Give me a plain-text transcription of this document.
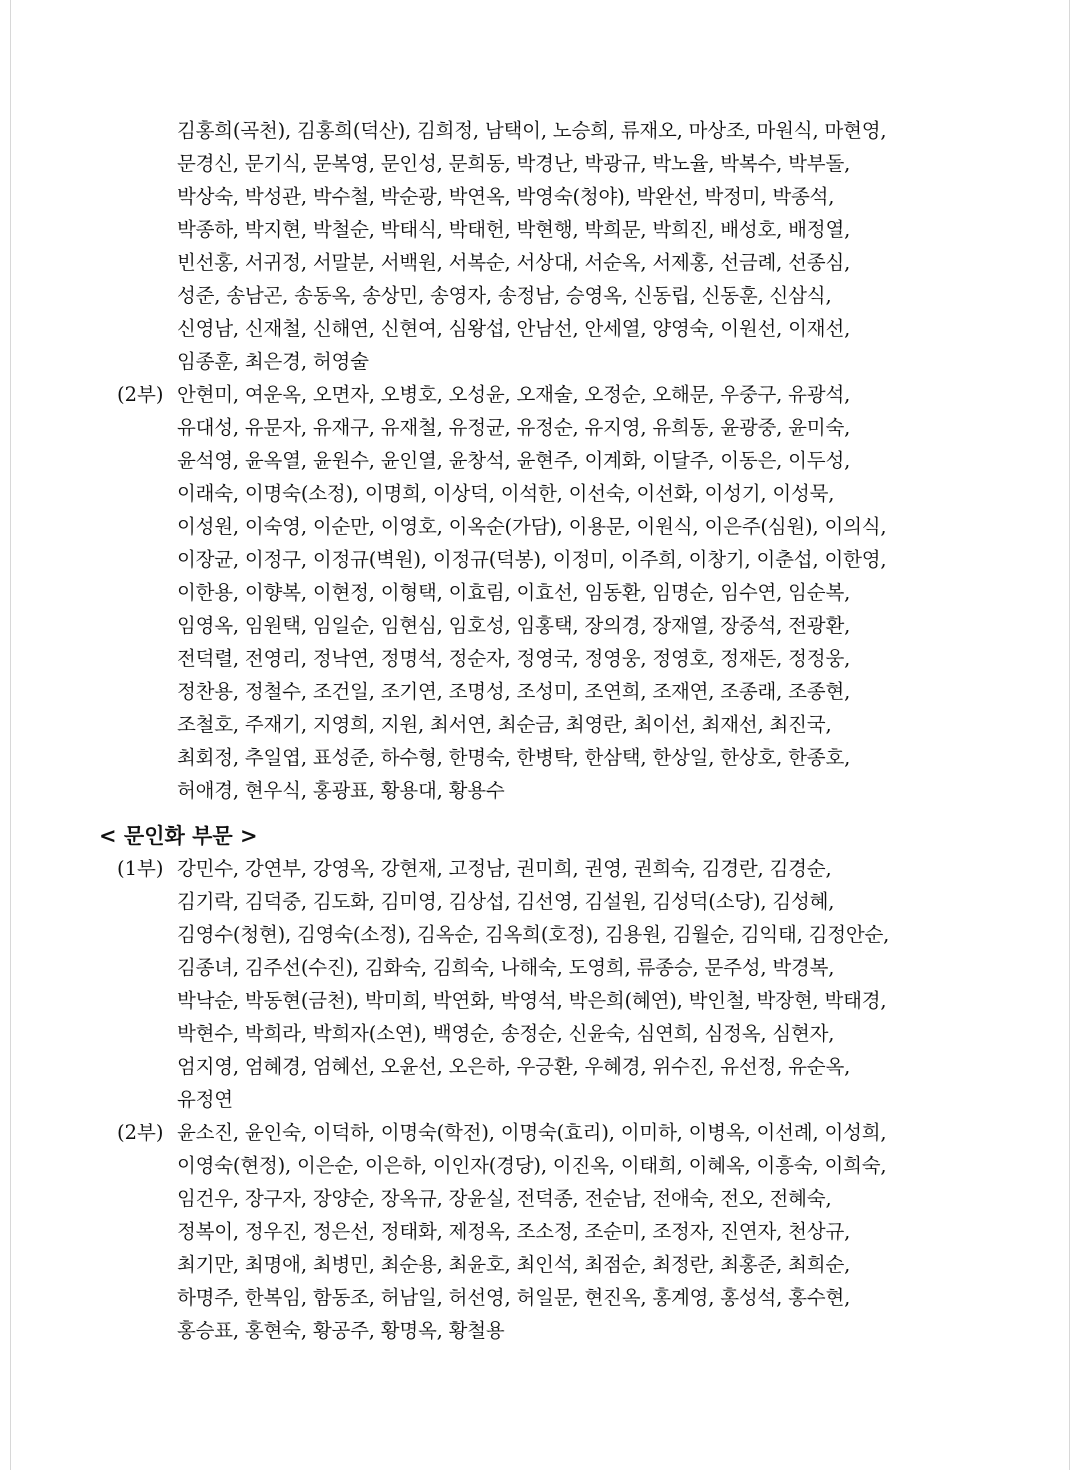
김홍희(곡천), 김홍희(덕산), 김희정, 남택이, 노승희, 류재오, 마상조, 마원식, 마현영,
문경신, 문기식, 문복영, 문인성, 문희동, 박경난, 박광규, 박노율, 박복수, 박부돌,
박상숙, 박성관, 박수철, 박순광, 박연옥, 박영숙(청야), 박완선, 박정미, 박종석,
박종하, 박지현, 박철순, 박태식, 박태헌, 박현행, 박희문, 박희진, 배성호, 배정열,
빈선홍, 서귀정, 서말분, 서백원, 서복순, 서상대, 서순옥, 서제홍, 선금례, 선종심,
성준, 송남곤, 송동옥, 송상민, 송영자, 송정남, 승영옥, 신동립, 신동훈, 신삼식,
신영남, 신재철, 신해연, 신현여, 심왕섭, 안남선, 안세열, 양영숙, 이원선, 이재선,
임종훈, 최은경, 허영술
(2부) 안현미, 여운옥, 오면자, 오병호, 오성윤, 오재술, 오정순, 오해문, 우중구, 유광석,
유대성, 유문자, 유재구, 유재철, 유정균, 유정순, 유지영, 유희동, 윤광중, 윤미숙,
윤석영, 윤옥열, 윤원수, 윤인열, 윤창석, 윤현주, 이계화, 이달주, 이동은, 이두성,
이래숙, 이명숙(소정), 이명희, 이상덕, 이석한, 이선숙, 이선화, 이성기, 이성묵,
이성원, 이숙영, 이순만, 이영호, 이옥순(가담), 이용문, 이원식, 이은주(심원), 이의식,
이장균, 이정구, 이정규(벽원), 이정규(덕봉), 이정미, 이주희, 이창기, 이춘섭, 이한영,
이한용, 이향복, 이현정, 이형택, 이효림, 이효선, 임동환, 임명순, 임수연, 임순복,
임영옥, 임원택, 임일순, 임현심, 임호성, 임홍택, 장의경, 장재열, 장중석, 전광환,
전덕렬, 전영리, 정낙연, 정명석, 정순자, 정영국, 정영웅, 정영호, 정재돈, 정정웅,
정찬용, 정철수, 조건일, 조기연, 조명성, 조성미, 조연희, 조재연, 조종래, 조종현,
조철호, 주재기, 지영희, 지원, 최서연, 최순금, 최영란, 최이선, 최재선, 최진국,
최회정, 추일엽, 표성준, 하수형, 한명숙, 한병탁, 한삼택, 한상일, 한상호, 한종호,
허애경, 현우식, 홍광표, 황용대, 황용수
< 문인화 부문 >
(1부) 강민수, 강연부, 강영옥, 강현재, 고정남, 권미희, 권영, 권희숙, 김경란, 김경순,
김기락, 김덕중, 김도화, 김미영, 김상섭, 김선영, 김설원, 김성덕(소당), 김성혜,
김영수(청현), 김영숙(소정), 김옥순, 김옥희(호정), 김용원, 김월순, 김익태, 김정안순,
김종녀, 김주선(수진), 김화숙, 김희숙, 나해숙, 도영희, 류종승, 문주성, 박경복,
박낙순, 박동현(금천), 박미희, 박연화, 박영석, 박은희(혜연), 박인철, 박장현, 박태경,
박현수, 박희라, 박희자(소연), 백영순, 송정순, 신윤숙, 심연희, 심정옥, 심현자,
엄지영, 엄혜경, 엄혜선, 오윤선, 오은하, 우긍환, 우혜경, 위수진, 유선정, 유순옥,
유정연
(2부) 윤소진, 윤인숙, 이덕하, 이명숙(학전), 이명숙(효리), 이미하, 이병옥, 이선례, 이성희,
이영숙(현정), 이은순, 이은하, 이인자(경당), 이진옥, 이태희, 이혜옥, 이흥숙, 이희숙,
임건우, 장구자, 장양순, 장옥규, 장윤실, 전덕종, 전순남, 전애숙, 전오, 전혜숙,
정복이, 정우진, 정은선, 정태화, 제정옥, 조소정, 조순미, 조정자, 진연자, 천상규,
최기만, 최명애, 최병민, 최순용, 최윤호, 최인석, 최점순, 최정란, 최홍준, 최희순,
하명주, 한복임, 함동조, 허남일, 허선영, 허일문, 현진옥, 홍계영, 홍성석, 홍수현,
홍승표, 홍현숙, 황공주, 황명옥, 황철용
